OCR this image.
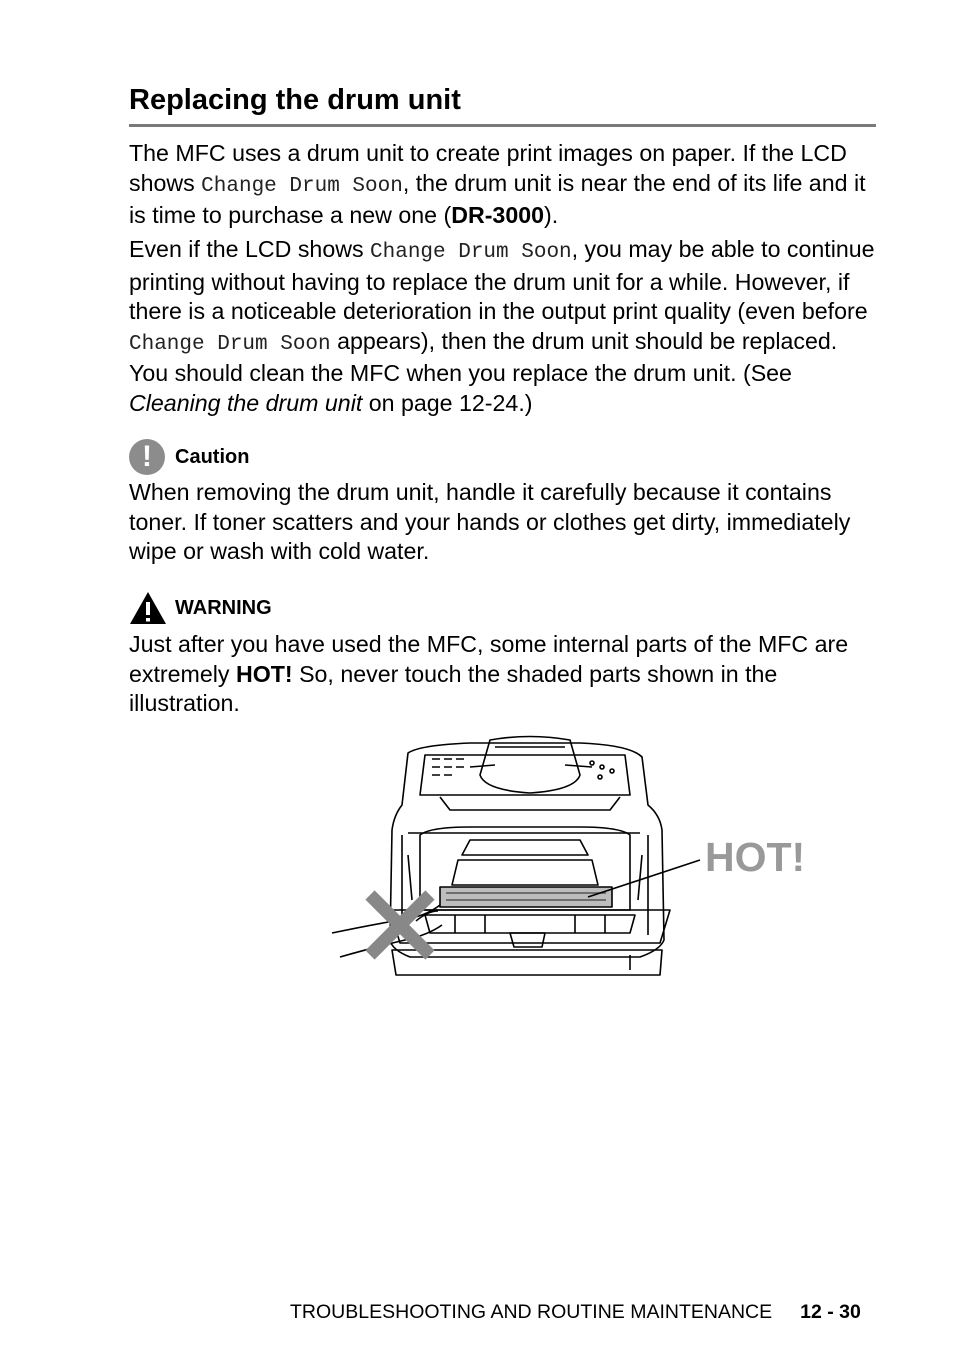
Replacing the drum unit

The MFC uses a drum unit to create print images on paper. If the LCD shows Change Drum Soon, the drum unit is near the end of its life and it is time to purchase a new one (DR-3000).

Even if the LCD shows Change Drum Soon, you may be able to continue printing without having to replace the drum unit for a while. However, if there is a noticeable deterioration in the output print quality (even before Change Drum Soon appears), then the drum unit should be replaced. You should clean the MFC when you replace the drum unit. (See Cleaning the drum unit on page 12-24.)

!	Caution

When removing the drum unit, handle it carefully because it contains toner. If toner scatters and your hands or clothes get dirty, immediately wipe or wash with cold water.

WARNING

Just after you have used the MFC, some internal parts of the MFC are extremely HOT! So, never touch the shaded parts shown in the illustration.

HOT!
TROUBLESHOOTING AND ROUTINE MAINTENANCE 12 - 30
